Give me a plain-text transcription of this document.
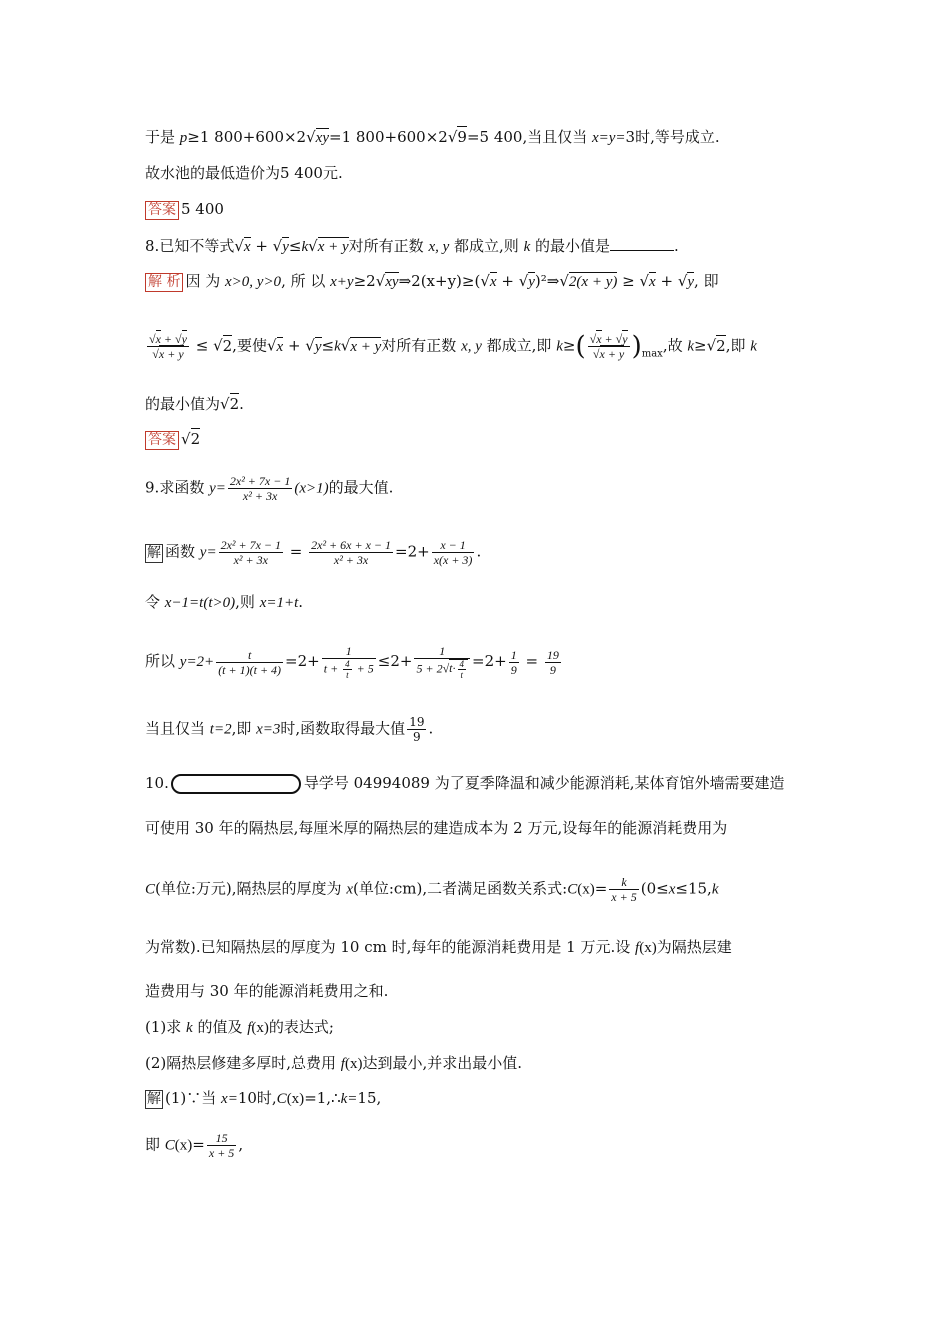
于是 p≥1 800+600×2√xy=1 800+600×2√9=5 400,当且仅当 x=y=3时,等号成立.
故水池的最低造价为5 400元.
答案 5 400
8.已知不等式√x + √y≤k√x + y对所有正数 x, y 都成立,则 k 的最小值是	.
解 析 因 为 x>0, y>0, 所 以 x+y≥2√xy⇒2(x+y)≥(√x + √y)²⇒√2(x + y) ≥ √x + √y, 即
$\frac{√x + √y}{√x + y} \le √2$,要使√x + √y≤k√x + y对所有正数 x, y 都成立,即 $k\ge( \frac{√x + √y}{√x + y} )_{max}$,故 k≥√2,即 k
的最小值为√2.
答案 √2
9.求函数 $y= \frac{\text{2x² + 7x − 1}}{\text{x² + 3x}} (x>1)$的最大值.
解 函数 $y= \frac{\text{2x² + 7x − 1}}{\text{x² + 3x}} = \frac{\text{2x² + 6x + x − 1}}{\text{x² + 3x}} =2+ \frac{x - 1}{x(x + 3)}$ .
令 x−1=t(t>0),则 x=1+t.
所以 $y=2+ \frac{t}{(t + 1)(t + 4)} =2+ \frac{1}{t + \frac{4}{t} + 5} \le 2+ \frac{1}{5 + 2√t\cdot \frac{4}{t}} =2+ \frac{1}{9} = \frac{19}{9}$
当且仅当 t=2,即 x=3时,函数取得最大值 $\frac{19}{9}$ .
10.	导学号 04994089 为了夏季降温和减少能源消耗,某体育馆外墙需要建造
可使用 30 年的隔热层,每厘米厚的隔热层的建造成本为 2 万元,设每年的能源消耗费用为
C(单位:万元),隔热层的厚度为 x(单位:cm),二者满足函数关系式:C(x)= $\frac{k}{x + 5} (0\le x\le 15,k$
为常数).已知隔热层的厚度为 10 cm 时,每年的能源消耗费用是 1 万元.设 f(x)为隔热层建
造费用与 30 年的能源消耗费用之和.
(1)求 k 的值及 f(x)的表达式;
(2)隔热层修建多厚时,总费用 f(x)达到最小,并求出最小值.
解 (1)∵当 x=10时,C(x)=1,∴k=15,
即 $C(x)= \frac{15}{x + 5}$ ,
